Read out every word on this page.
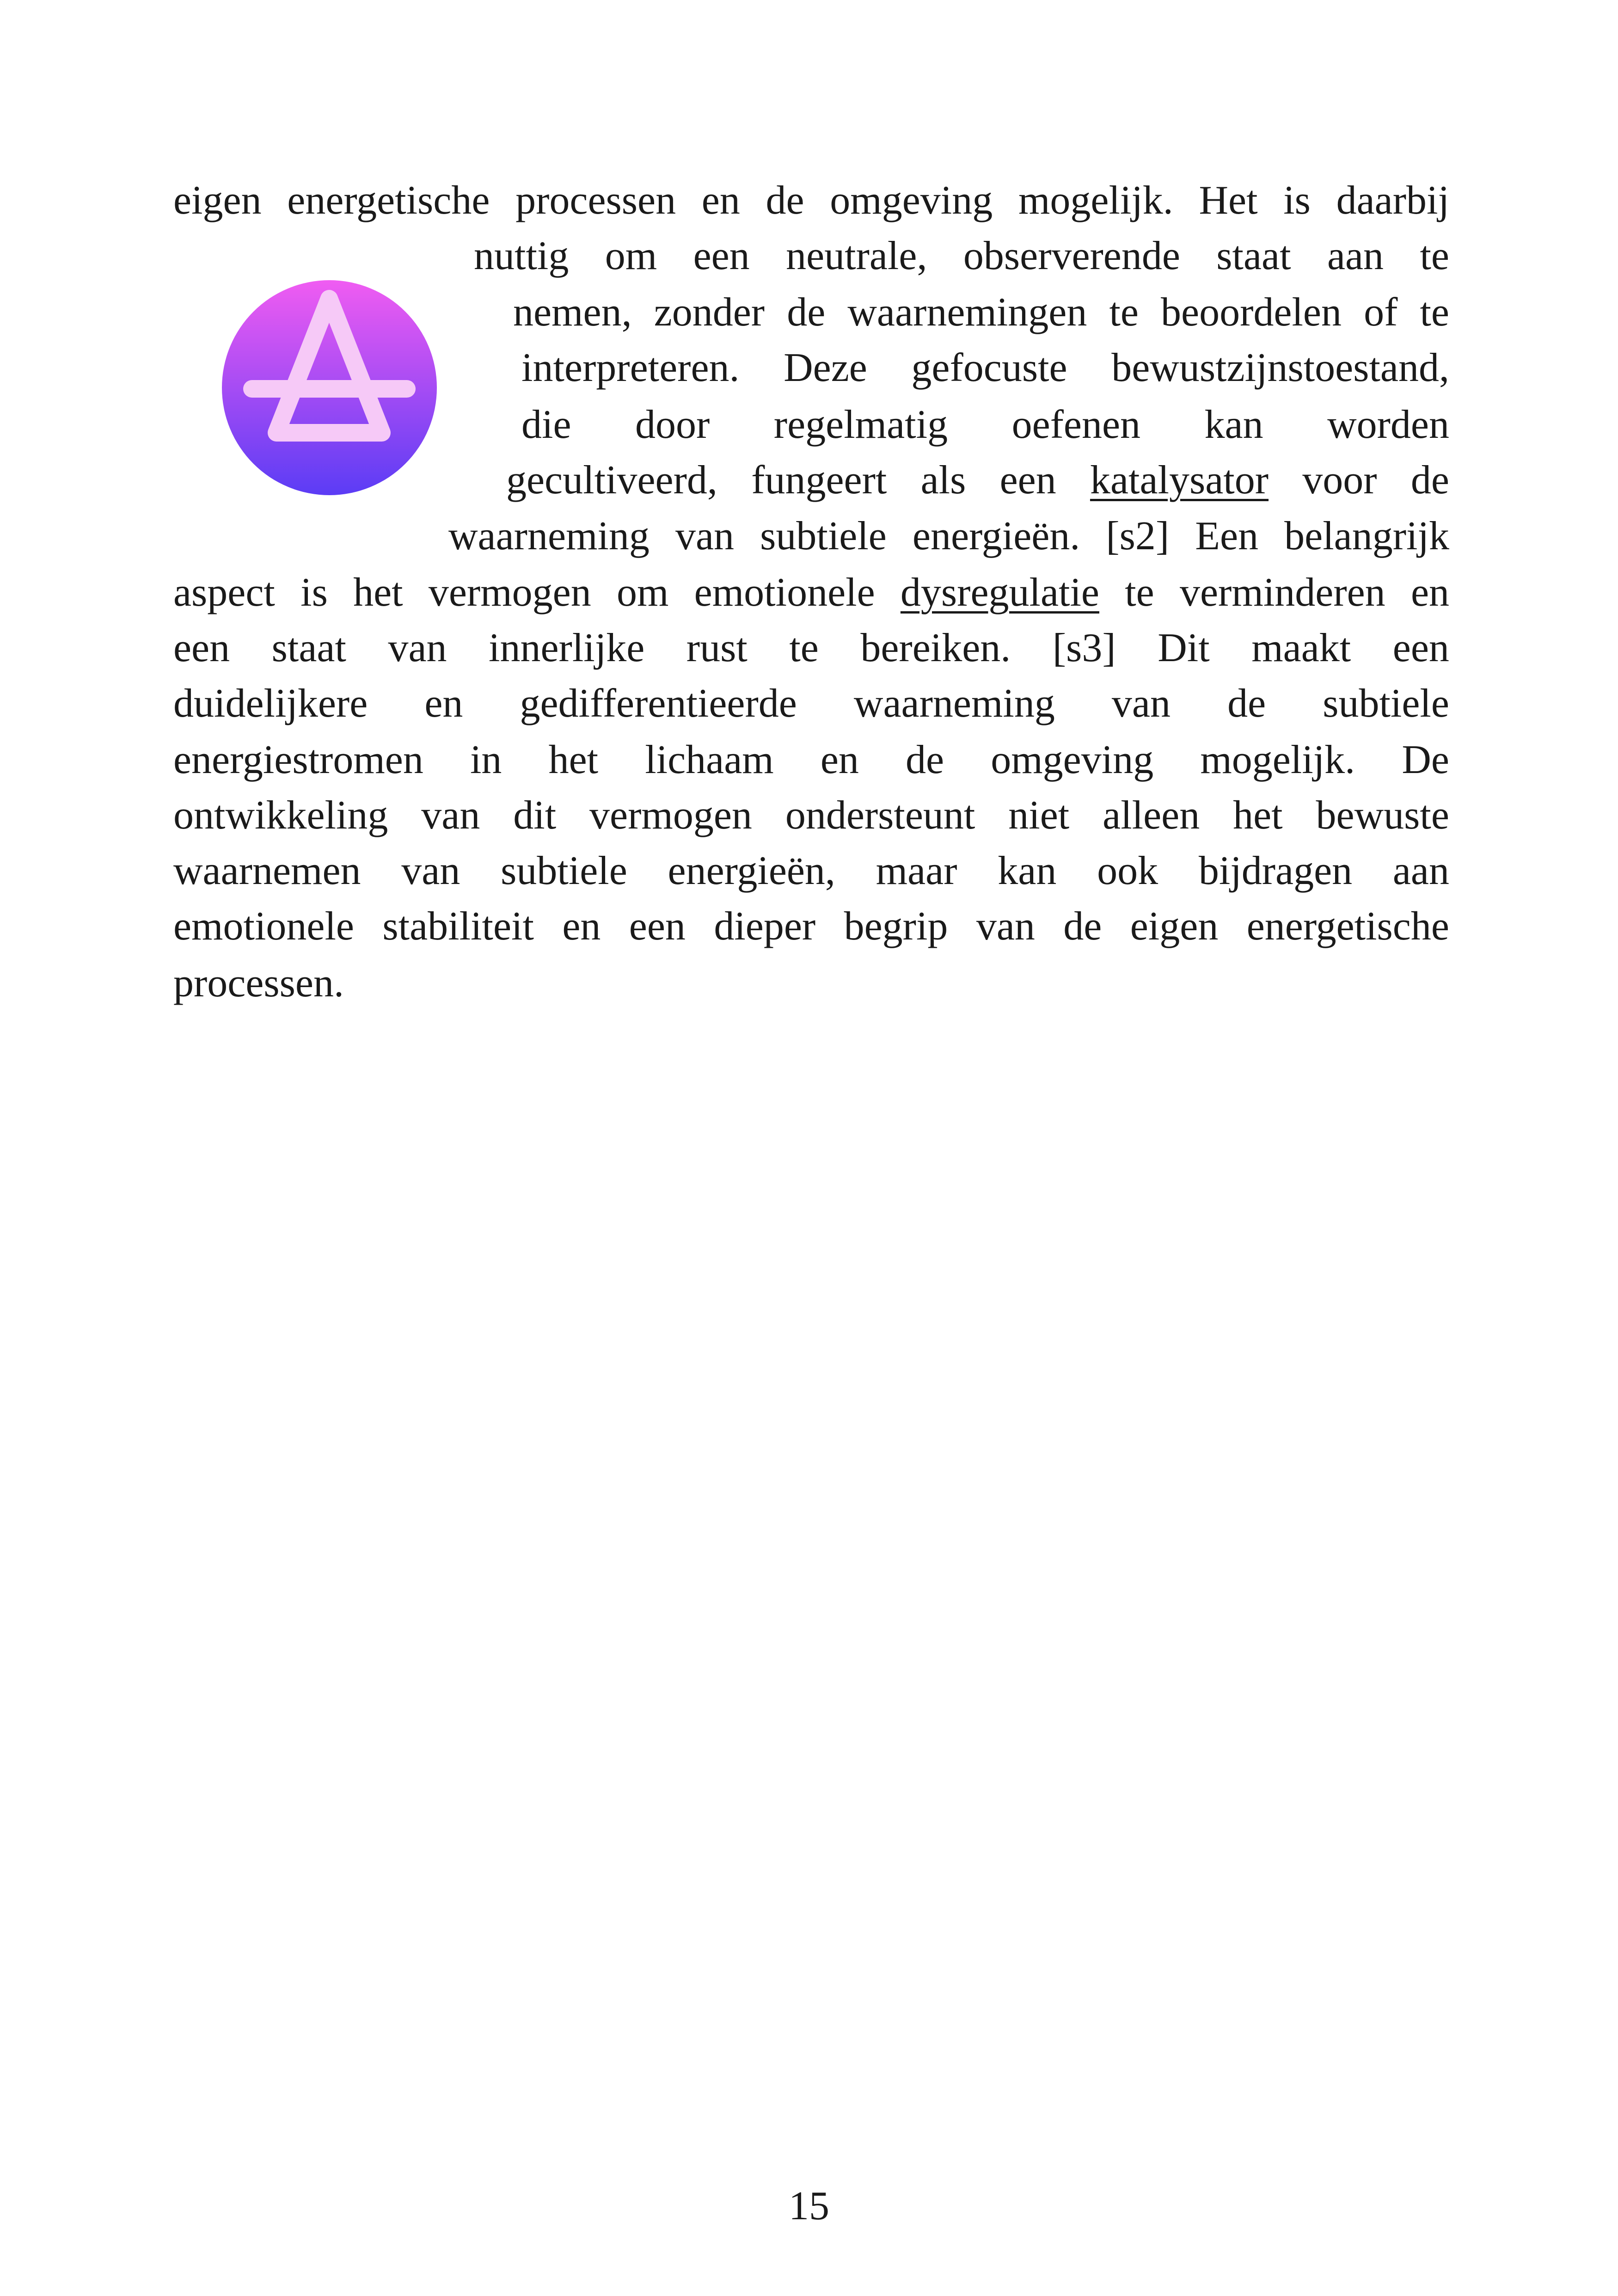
eigen energetische processen en de omgeving mogelijk. Het is daarbij
nuttig om een neutrale, observerende staat aan te
nemen, zonder de waarnemingen te beoordelen of te
interpreteren. Deze gefocuste bewustzijnstoestand,
die door regelmatig oefenen kan worden
gecultiveerd, fungeert als een katalysator voor de
waarneming van subtiele energieën. [s2] Een belangrijk
aspect is het vermogen om emotionele dysregulatie te verminderen en
een staat van innerlijke rust te bereiken. [s3] Dit maakt een
duidelijkere en gedifferentieerde waarneming van de subtiele
energiestromen in het lichaam en de omgeving mogelijk. De
ontwikkeling van dit vermogen ondersteunt niet alleen het bewuste
waarnemen van subtiele energieën, maar kan ook bijdragen aan
emotionele stabiliteit en een dieper begrip van de eigen energetische
processen.
15
